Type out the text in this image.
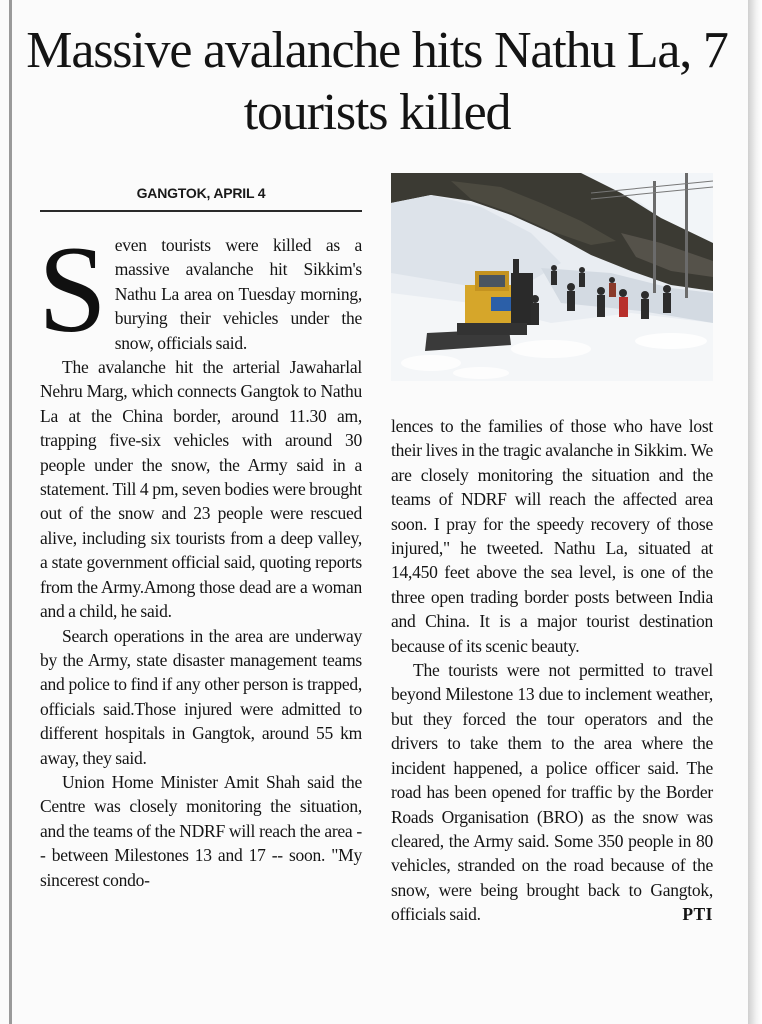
Massive avalanche hits Nathu La, 7 tourists killed
GANGTOK, APRIL 4

Seven tourists were killed as a massive avalanche hit Sikkim's Nathu La area on Tuesday morning, burying their vehicles under the snow, officials said.

The avalanche hit the arterial Jawaharlal Nehru Marg, which connects Gangtok to Nathu La at the China border, around 11.30 am, trapping five-six vehicles with around 30 people under the snow, the Army said in a statement. Till 4 pm, seven bodies were brought out of the snow and 23 people were rescued alive, including six tourists from a deep valley, a state government official said, quoting reports from the Army.Among those dead are a woman and a child, he said.

Search operations in the area are underway by the Army, state disaster management teams and police to find if any other person is trapped, officials said.Those injured were admitted to different hospitals in Gangtok, around 55 km away, they said.

Union Home Minister Amit Shah said the Centre was closely monitoring the situation, and the teams of the NDRF will reach the area -- between Milestones 13 and 17 -- soon. "My sincerest condo-

lences to the families of those who have lost their lives in the tragic avalanche in Sikkim. We are closely monitoring the situation and the teams of NDRF will reach the affected area soon. I pray for the speedy recovery of those injured," he tweeted. Nathu La, situated at 14,450 feet above the sea level, is one of the three open trading border posts between India and China. It is a major tourist destination because of its scenic beauty.

The tourists were not permitted to travel beyond Milestone 13 due to inclement weather, but they forced the tour operators and the drivers to take them to the area where the incident happened, a police officer said. The road has been opened for traffic by the Border Roads Organisation (BRO) as the snow was cleared, the Army said. Some 350 people in 80 vehicles, stranded on the road because of the snow, were being brought back to Gangtok, officials said.	PTI
